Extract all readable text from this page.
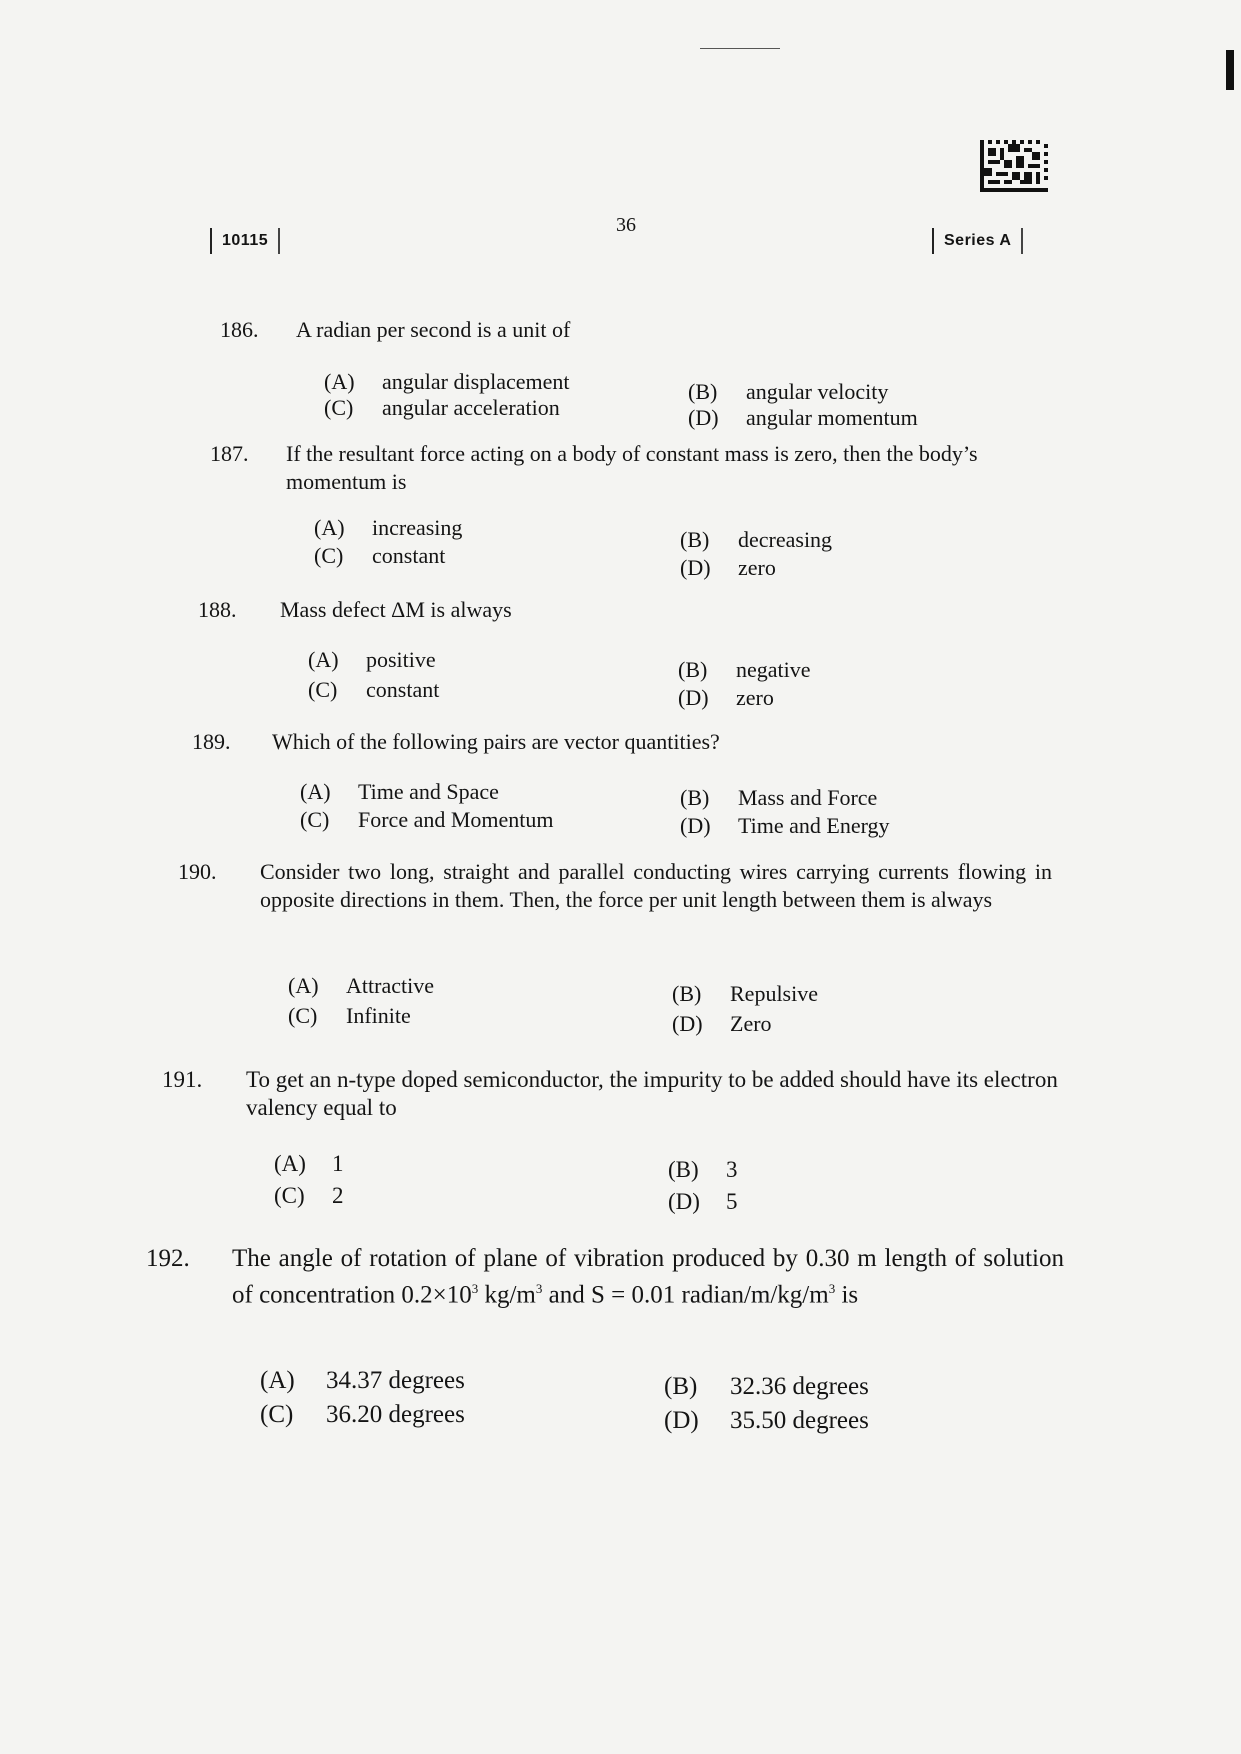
10115
36
Series A
186. A radian per second is a unit of
(A) angular displacement	(B) angular velocity
(C) angular acceleration	(D) angular momentum
187. If the resultant force acting on a body of constant mass is zero, then the body’s momentum is
(A) increasing	(B) decreasing
(C) constant	(D) zero
188. Mass defect ΔM is always
(A) positive	(B) negative
(C) constant	(D) zero
189. Which of the following pairs are vector quantities?
(A) Time and Space	(B) Mass and Force
(C) Force and Momentum	(D) Time and Energy
190. Consider two long, straight and parallel conducting wires carrying currents flowing in opposite directions in them. Then, the force per unit length between them is always
(A) Attractive	(B) Repulsive
(C) Infinite	(D) Zero
191. To get an n-type doped semiconductor, the impurity to be added should have its electron valency equal to
(A) 1	(B) 3
(C) 2	(D) 5
192. The angle of rotation of plane of vibration produced by 0.30 m length of solution of concentration $0.2\times 10^3$ $kg/m^3$ and S = 0.01 radian/$m/kg/m^3$ is
(A) 34.37 degrees	(B) 32.36 degrees
(C) 36.20 degrees	(D) 35.50 degrees
